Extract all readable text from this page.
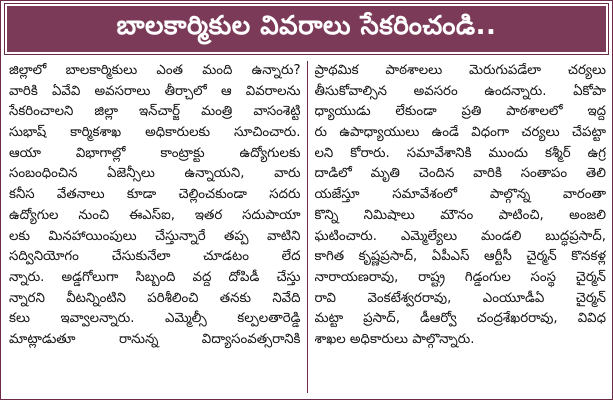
బాలకార్మికుల వివరాలు సేకరించండి..
జిల్లాలో బాలకార్మికులు ఎంత మంది ఉన్నారు?
వారికి ఏవేవి అవసరాలు తీర్చాలో ఆ వివరాలను
సేకరించాలని జిల్లా ఇన్‌చార్జ్ మంత్రి వాసంశెట్టి
సుభాష్ కార్మికశాఖ అధికారులకు సూచించారు.
ఆయా విభాగాల్లో కాంట్రాక్టు ఉద్యోగులకు
సంబంధించిన ఏజెన్సీలు ఉన్నాయని, వారు
కనీస వేతనాలు కూడా చెల్లించకుండా సదరు
ఉద్యోగుల నుంచి ఈఎస్ఐ, ఇతర సదుపాయా
లకు మినహాయింపులు చేస్తున్నారే తప్ప వాటిని
సద్వినియోగం చేసుకునేలా చూడటం లేద
న్నారు. అడ్డగోలుగా సిబ్బంది వద్ద దోపిడీ చేస్తు
న్నారని వీటన్నింటిని పరిశీలించి తనకు నివేది
కలు ఇవ్వాలన్నారు. ఎమ్మెల్సీ కల్పలతారెడ్డి
మాట్లాడుతూ రానున్న విద్యాసంవత్సరానికి
ప్రాథమిక పాఠశాలలు మెరుగుపడేలా చర్యలు
తీసుకోవాల్సిన అవసరం ఉందన్నారు. ఏకోపా
ధ్యాయుడు లేకుండా ప్రతి పాఠశాలలో ఇద్ద
రు ఉపాధ్యాయులు ఉండే విధంగా చర్యలు చేపట్టా
లని కోరారు. సమావేశానికి ముందు కశ్మీర్ ఉగ్ర
దాడిలో మృతి చెందిన వారికి సంతాపం తెలి
యజేస్తూ సమావేశంలో పాల్గొన్న వారంతా
కొన్ని నిమిషాలు మౌనం పాటించి, అంజలి
ఘటించారు. ఎమ్మెల్యేలు మండలి బుద్ధప్రసాద్,
కాగిత కృష్ణప్రసాద్, ఏపీఎస్ ఆర్టీసీ చైర్మన్ కొనకళ్ల
నారాయణరావు, రాష్ట్ర గిడ్డంగుల సంస్థ చైర్మన్
రావి వెంకటేశ్వరరావు, ఎంయూడీఏ చైర్మన్
మట్టా ప్రసాద్, డీఆర్వో చంద్రశేఖరరావు, వివిధ
శాఖల అధికారులు పాల్గొన్నారు.
